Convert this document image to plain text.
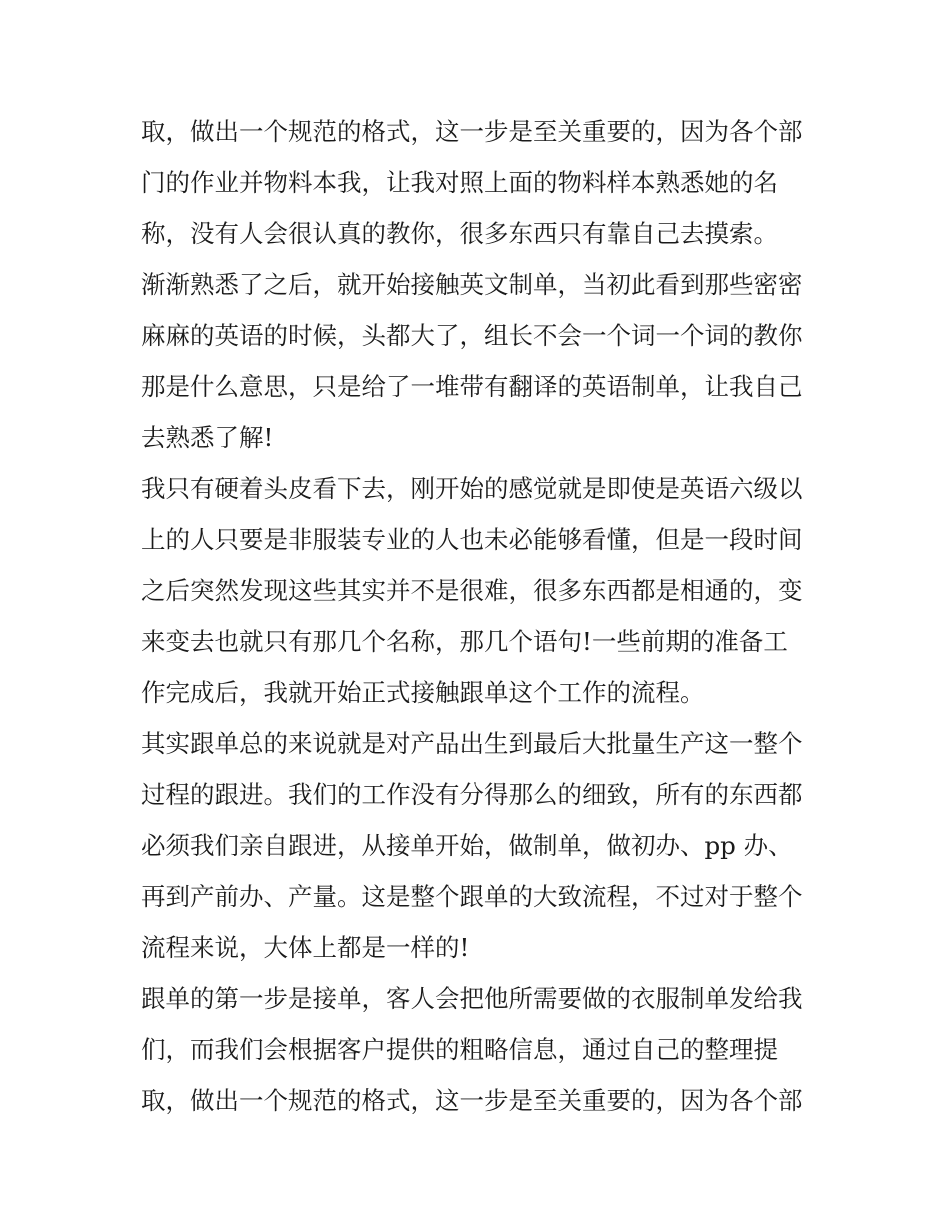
取，做出一个规范的格式，这一步是至关重要的，因为各个部
门的作业并物料本我，让我对照上面的物料样本熟悉她的名
称，没有人会很认真的教你，很多东西只有靠自己去摸索。
渐渐熟悉了之后，就开始接触英文制单，当初此看到那些密密
麻麻的英语的时候，头都大了，组长不会一个词一个词的教你
那是什么意思，只是给了一堆带有翻译的英语制单，让我自己
去熟悉了解!
我只有硬着头皮看下去，刚开始的感觉就是即使是英语六级以
上的人只要是非服装专业的人也未必能够看懂，但是一段时间
之后突然发现这些其实并不是很难，很多东西都是相通的，变
来变去也就只有那几个名称，那几个语句!一些前期的准备工
作完成后，我就开始正式接触跟单这个工作的流程。
其实跟单总的来说就是对产品出生到最后大批量生产这一整个
过程的跟进。我们的工作没有分得那么的细致，所有的东西都
必须我们亲自跟进，从接单开始，做制单，做初办、pp 办、
再到产前办、产量。这是整个跟单的大致流程，不过对于整个
流程来说，大体上都是一样的!
跟单的第一步是接单，客人会把他所需要做的衣服制单发给我
们，而我们会根据客户提供的粗略信息，通过自己的整理提
取，做出一个规范的格式，这一步是至关重要的，因为各个部
